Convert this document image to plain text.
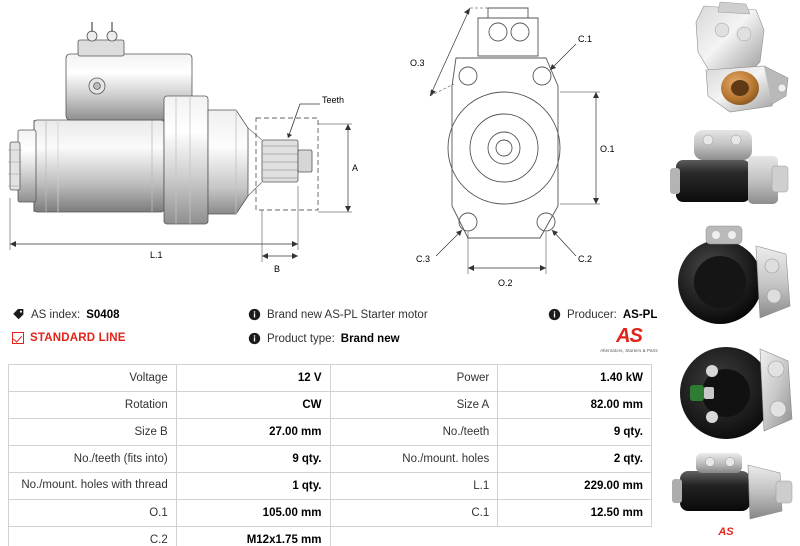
Teeth
A
L.1
B
O.3
O.1
O.2
C.1
C.2
C.3
AS index: S0408
STANDARD LINE
Brand new AS-PL Starter motor
Product type: Brand new
Producer: AS-PL
AS
Alternators, Starters & Parts
Voltage	12 V	Power	1.40 kW
Rotation	CW	Size A	82.00 mm
Size B	27.00 mm	No./teeth	9 qty.
No./teeth (fits into)	9 qty.	No./mount. holes	2 qty.
No./mount. holes with thread	1 qty.	L.1	229.00 mm
O.1	105.00 mm	C.1	12.50 mm
C.2	M12x1.75 mm		
AS
